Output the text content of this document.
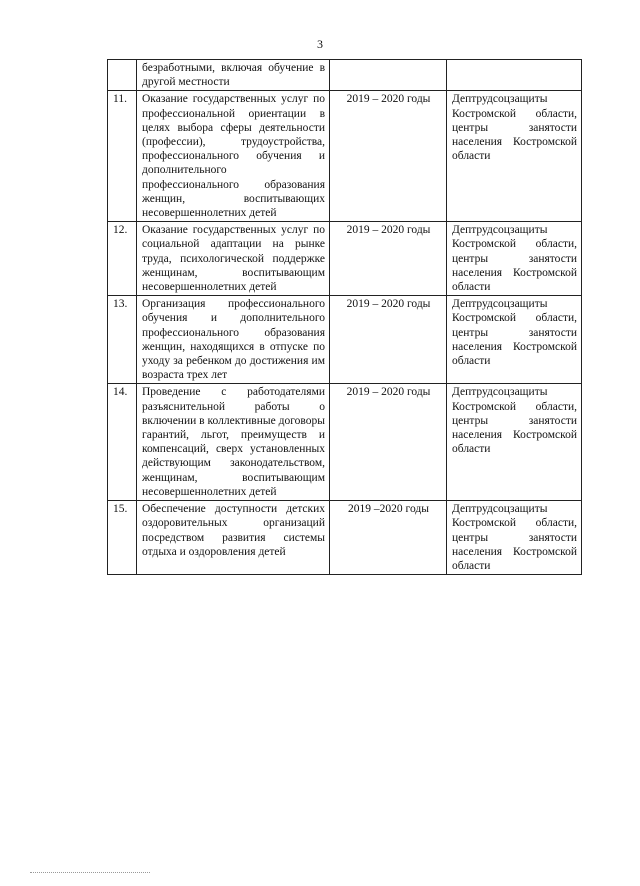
3
	безработными, включая обучение в другой местности		
11.	Оказание государственных услуг по профессиональной ориентации в целях выбора сферы деятельности (профессии), трудоустройства, профессионального обучения и дополнительного профессионального образования женщин, воспитывающих несовершеннолетних детей	2019 – 2020 годы	Дептрудсоцзащиты Костромской области, центры занятости населения Костромской области
12.	Оказание государственных услуг по социальной адаптации на рынке труда, психологической поддержке женщинам, воспитывающим несовершеннолетних детей	2019 – 2020 годы	Дептрудсоцзащиты Костромской области, центры занятости населения Костромской области
13.	Организация профессионального обучения и дополнительного профессионального образования женщин, находящихся в отпуске по уходу за ребенком до достижения им возраста трех лет	2019 – 2020 годы	Дептрудсоцзащиты Костромской области, центры занятости населения Костромской области
14.	Проведение с работодателями разъяснительной работы о включении в коллективные договоры гарантий, льгот, преимуществ и компенсаций, сверх установленных действующим законодательством, женщинам, воспитывающим несовершеннолетних детей	2019 – 2020 годы	Дептрудсоцзащиты Костромской области, центры занятости населения Костромской области
15.	Обеспечение доступности детских оздоровительных организаций посредством развития системы отдыха и оздоровления детей	2019 –2020 годы	Дептрудсоцзащиты Костромской области, центры занятости населения Костромской области
